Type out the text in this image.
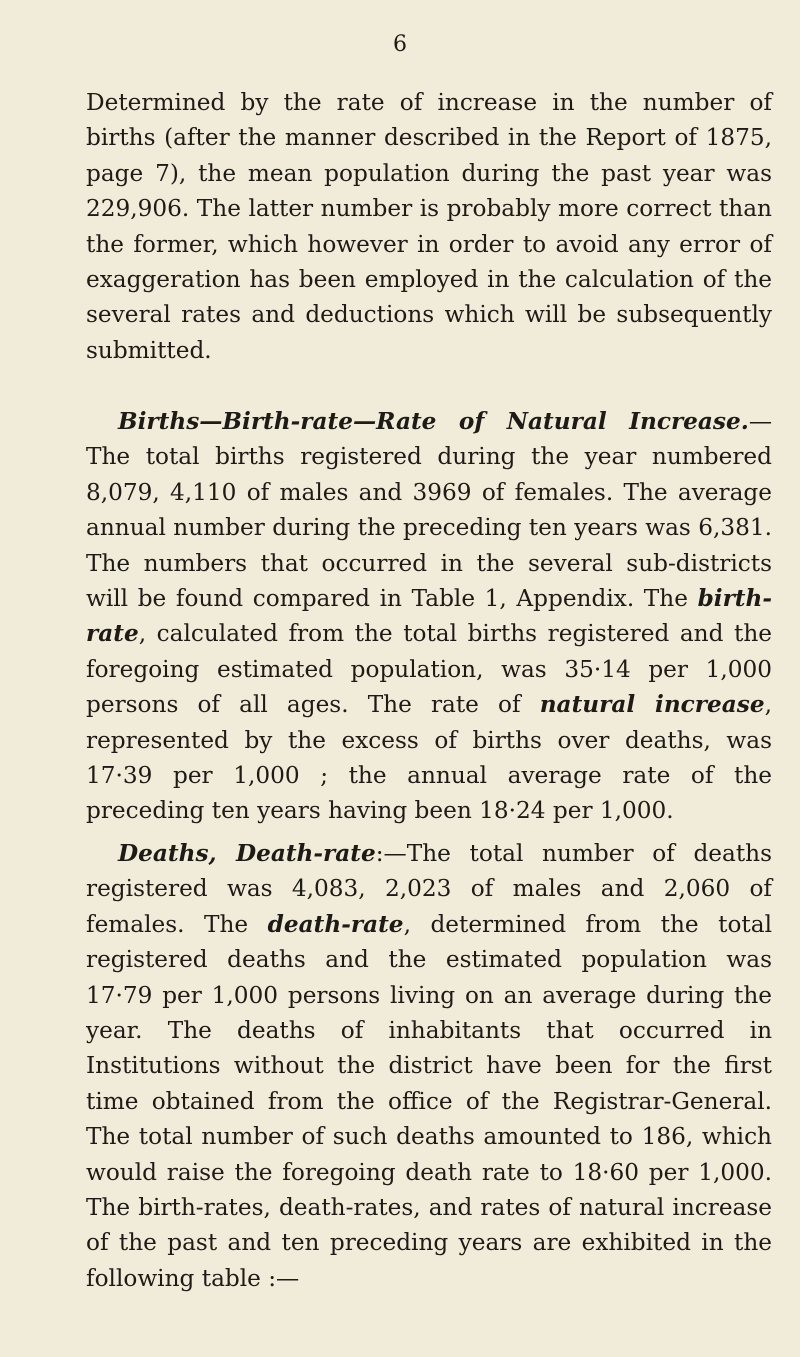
6

Determined by the rate of increase in the number of births (after the manner described in the Report of 1875, page 7), the mean population during the past year was 229,906. The latter number is probably more correct than the former, which however in order to avoid any error of exaggeration has been employed in the calculation of the several rates and deductions which will be subsequently submitted.

Births—Birth-rate—Rate of Natural Increase.—The total births registered during the year numbered 8,079, 4,110 of males and 3969 of females. The average annual number during the preceding ten years was 6,381. The numbers that occurred in the several sub-districts will be found compared in Table 1, Appendix. The birth-rate, calculated from the total births registered and the foregoing estimated population, was 35·14 per 1,000 persons of all ages. The rate of natural increase, represented by the excess of births over deaths, was 17·39 per 1,000 ; the annual average rate of the preceding ten years having been 18·24 per 1,000.

Deaths, Death-rate:—The total number of deaths registered was 4,083, 2,023 of males and 2,060 of females. The death-rate, determined from the total registered deaths and the estimated population was 17·79 per 1,000 persons living on an average during the year. The deaths of inhabitants that occurred in Institutions without the district have been for the first time obtained from the office of the Registrar-General. The total number of such deaths amounted to 186, which would raise the foregoing death rate to 18·60 per 1,000. The birth-rates, death-rates, and rates of natural increase of the past and ten preceding years are exhibited in the following table :—
